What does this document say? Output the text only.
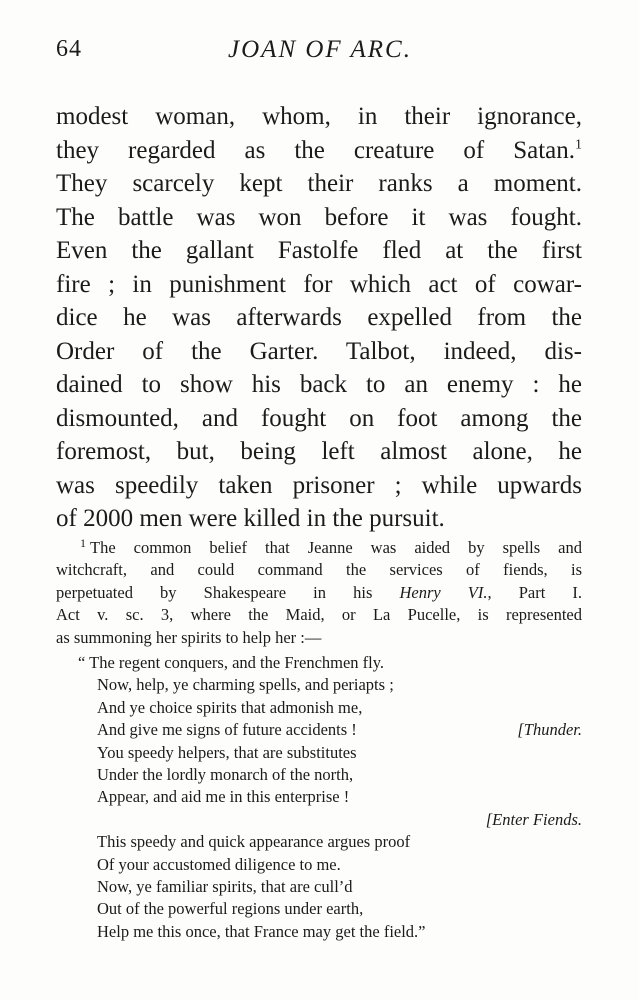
64	JOAN OF ARC.
modest woman, whom, in their ignorance,
they regarded as the creature of Satan.$^1$
They scarcely kept their ranks a moment.
The battle was won before it was fought.
Even the gallant Fastolfe fled at the first
fire ; in punishment for which act of cowar-
dice he was afterwards expelled from the
Order of the Garter. Talbot, indeed, dis-
dained to show his back to an enemy : he
dismounted, and fought on foot among the
foremost, but, being left almost alone, he
was speedily taken prisoner ; while upwards
of 2000 men were killed in the pursuit.
$^1$ The common belief that Jeanne was aided by spells and
witchcraft, and could command the services of fiends, is
perpetuated by Shakespeare in his Henry VI., Part I.
Act v. sc. 3, where the Maid, or La Pucelle, is represented
as summoning her spirits to help her :—
“ The regent conquers, and the Frenchmen fly.
Now, help, ye charming spells, and periapts ;
And ye choice spirits that admonish me,
And give me signs of future accidents !	[Thunder.
You speedy helpers, that are substitutes
Under the lordly monarch of the north,
Appear, and aid me in this enterprise !
[Enter Fiends.
This speedy and quick appearance argues proof
Of your accustomed diligence to me.
Now, ye familiar spirits, that are cull’d
Out of the powerful regions under earth,
Help me this once, that France may get the field.”
